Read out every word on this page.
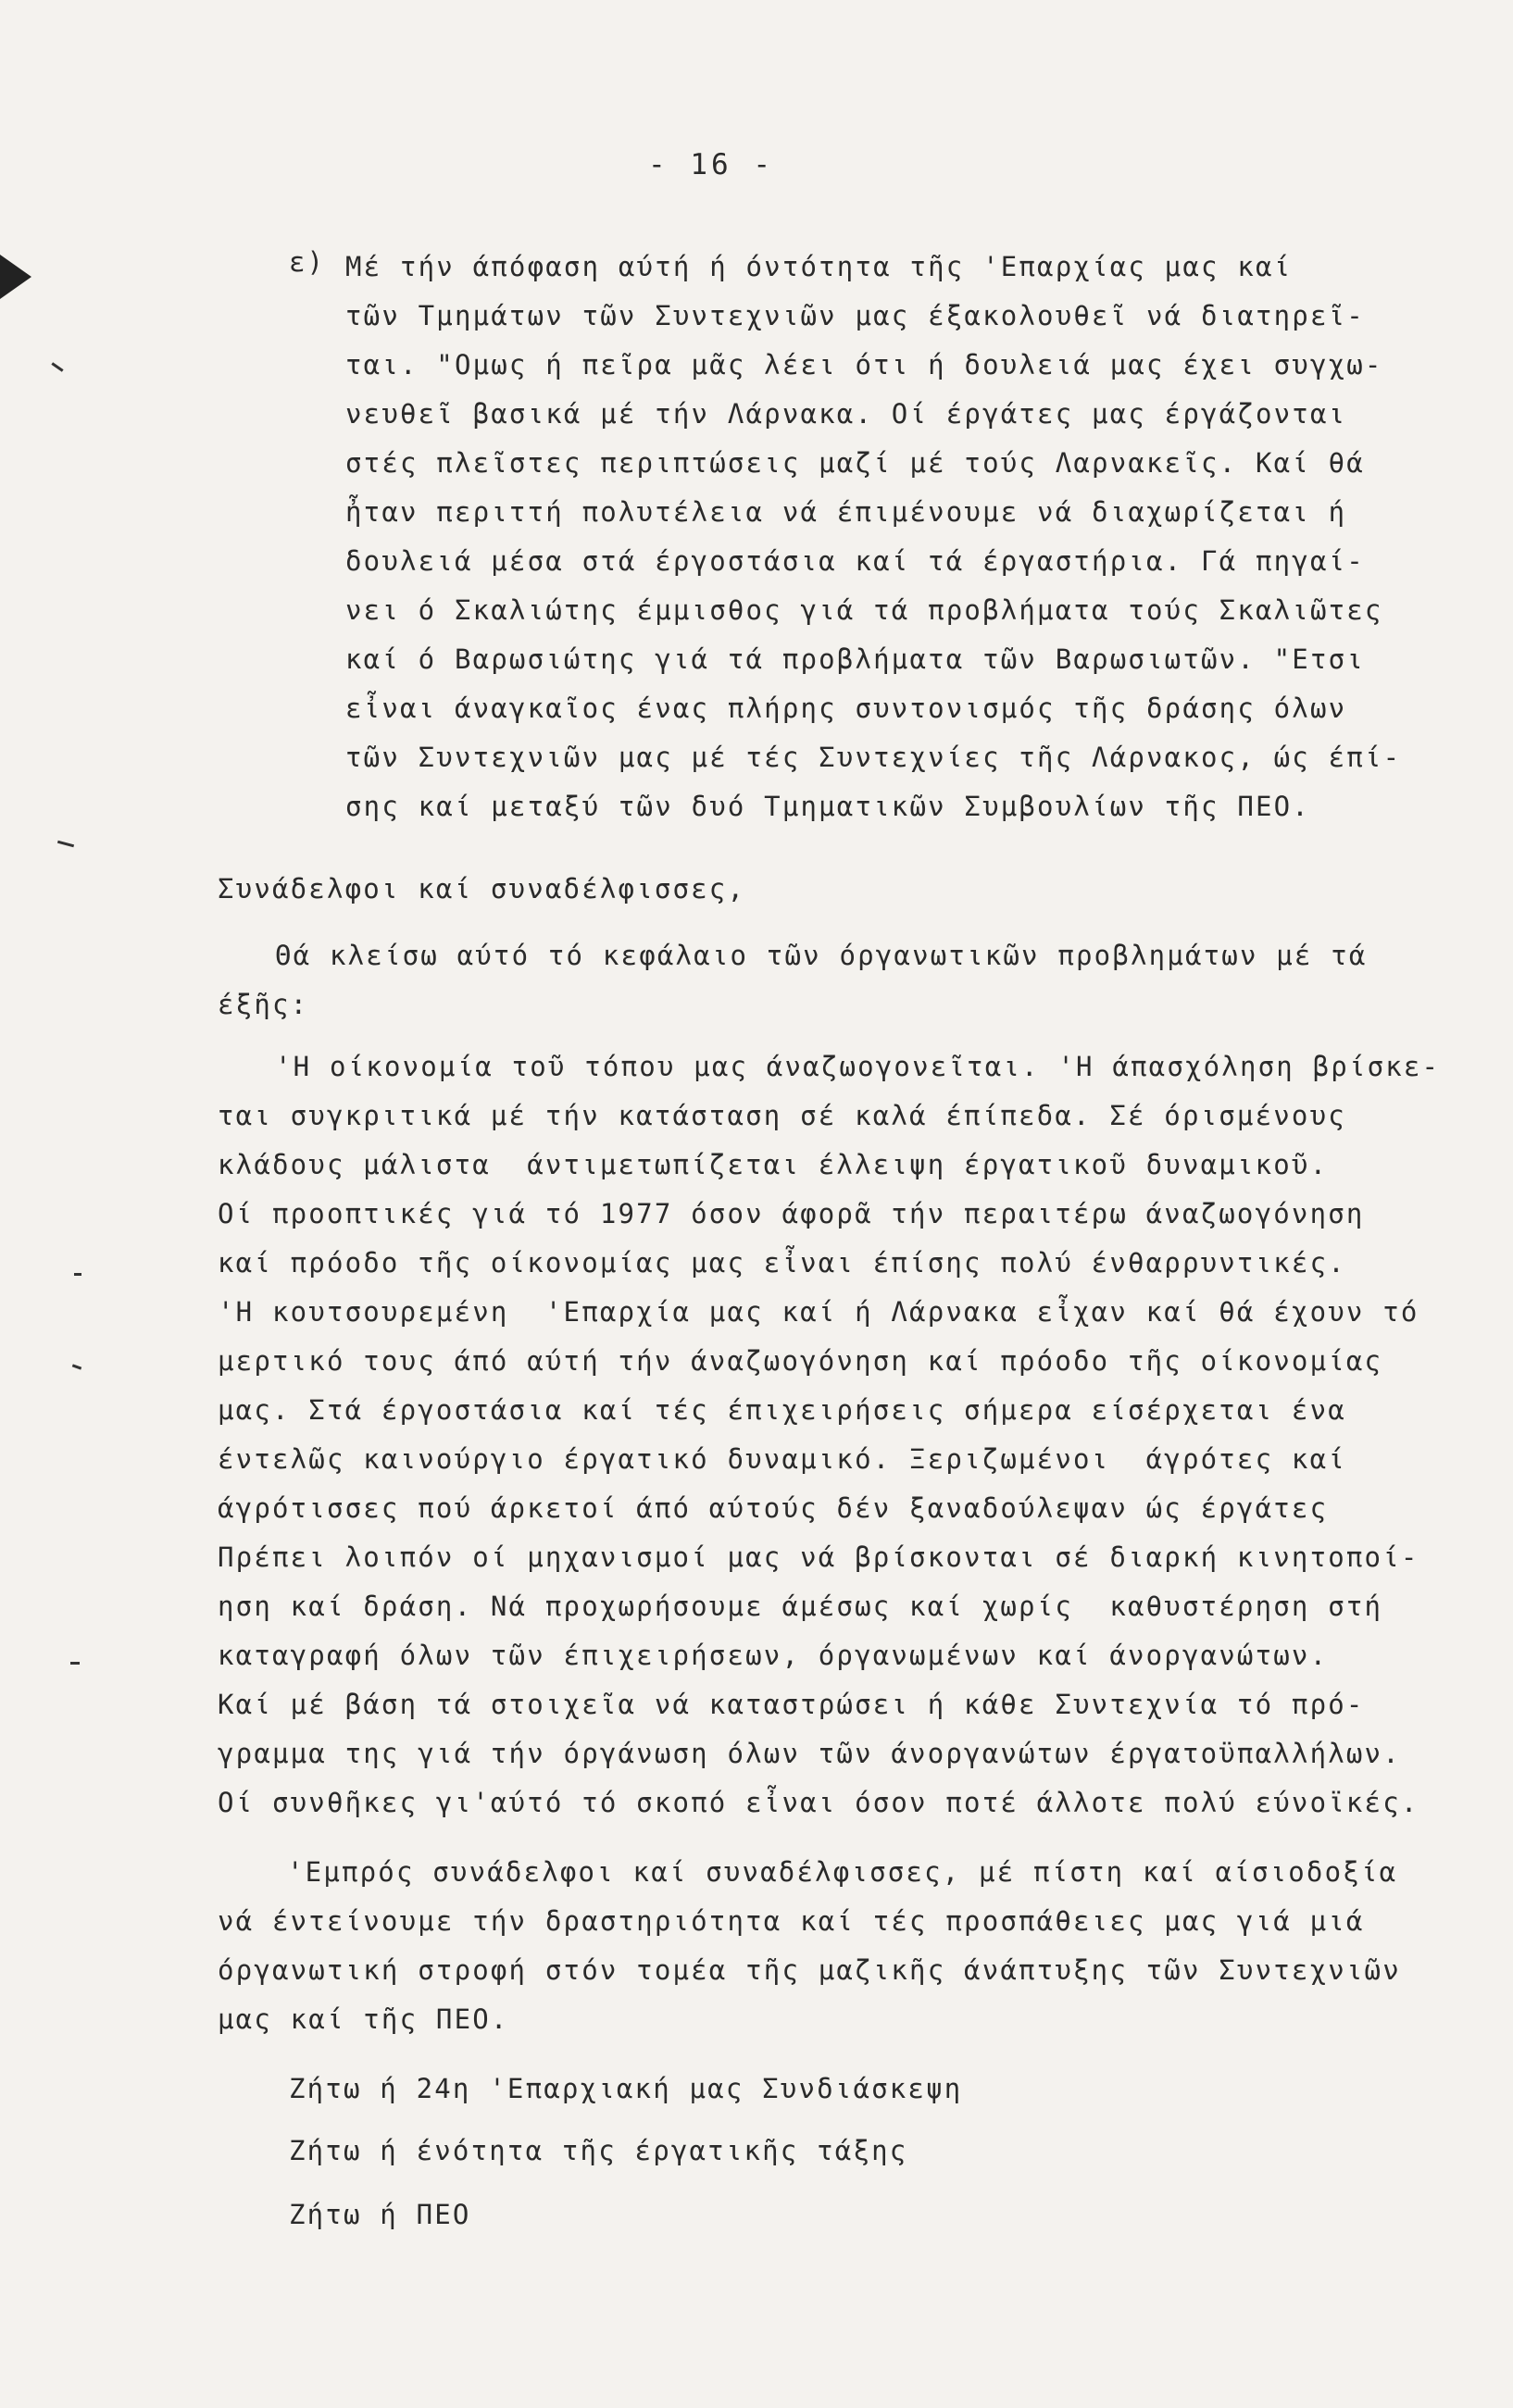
- 16 -
ε) Μέ τήν άπόφαση αύτή ή όντότητα τῆς 'Επαρχίας μας καί
τῶν Τμημάτων τῶν Συντεχνιῶν μας έξακολουθεῖ νά διατηρεῖ-
ται. "Ομως ή πεῖρα μᾶς λέει ότι ή δουλειά μας έχει συγχω-
νευθεῖ βασικά μέ τήν Λάρνακα. Οί έργάτες μας έργάζονται
στές πλεῖστες περιπτώσεις μαζί μέ τούς Λαρνακεῖς. Καί θά
ἦταν περιττή πολυτέλεια νά έπιμένουμε νά διαχωρίζεται ή
δουλειά μέσα στά έργοστάσια καί τά έργαστήρια. Γά πηγαί-
νει ό Σκαλιώτης έμμισθος γιά τά προβλήματα τούς Σκαλιῶτες
καί ό Βαρωσιώτης γιά τά προβλήματα τῶν Βαρωσιωτῶν. "Ετσι
εἶναι άναγκαῖος ένας πλήρης συντονισμός τῆς δράσης όλων
τῶν Συντεχνιῶν μας μέ τές Συντεχνίες τῆς Λάρνακος, ώς έπί-
σης καί μεταξύ τῶν δυό Τμηματικῶν Συμβουλίων τῆς ΠΕΟ.
Συνάδελφοι καί συναδέλφισσες,
Θά κλείσω αύτό τό κεφάλαιο τῶν όργανωτικῶν προβλημάτων μέ τά
έξῆς:
'Η οίκονομία τοῦ τόπου μας άναζωογονεῖται. 'Η άπασχόληση βρίσκε-
ται συγκριτικά μέ τήν κατάσταση σέ καλά έπίπεδα. Σέ όρισμένους
κλάδους μάλιστα  άντιμετωπίζεται έλλειψη έργατικοῦ δυναμικοῦ.
Οί προοπτικές γιά τό 1977 όσον άφορᾶ τήν περαιτέρω άναζωογόνηση
καί πρόοδο τῆς οίκονομίας μας εἶναι έπίσης πολύ ένθαρρυντικές.
'Η κουτσουρεμένη  'Επαρχία μας καί ή Λάρνακα εἶχαν καί θά έχουν τό
μερτικό τους άπό αύτή τήν άναζωογόνηση καί πρόοδο τῆς οίκονομίας
μας. Στά έργοστάσια καί τές έπιχειρήσεις σήμερα είσέρχεται ένα
έντελῶς καινούργιο έργατικό δυναμικό. Ξεριζωμένοι  άγρότες καί
άγρότισσες πού άρκετοί άπό αύτούς δέν ξαναδούλεψαν ώς έργάτες
Πρέπει λοιπόν οί μηχανισμοί μας νά βρίσκονται σέ διαρκή κινητοποί-
ηση καί δράση. Νά προχωρήσουμε άμέσως καί χωρίς  καθυστέρηση στή
καταγραφή όλων τῶν έπιχειρήσεων, όργανωμένων καί άνοργανώτων.
Καί μέ βάση τά στοιχεῖα νά καταστρώσει ή κάθε Συντεχνία τό πρό-
γραμμα της γιά τήν όργάνωση όλων τῶν άνοργανώτων έργατοϋπαλλήλων.
Οί συνθῆκες γι'αύτό τό σκοπό εἶναι όσον ποτέ άλλοτε πολύ εύνοϊκές.
'Εμπρός συνάδελφοι καί συναδέλφισσες, μέ πίστη καί αίσιοδοξία
νά έντείνουμε τήν δραστηριότητα καί τές προσπάθειες μας γιά μιά
όργανωτική στροφή στόν τομέα τῆς μαζικῆς άνάπτυξης τῶν Συντεχνιῶν
μας καί τῆς ΠΕΟ.
Ζήτω ή 24η 'Επαρχιακή μας Συνδιάσκεψη
Ζήτω ή ένότητα τῆς έργατικῆς τάξης
Ζήτω ή ΠΕΟ
